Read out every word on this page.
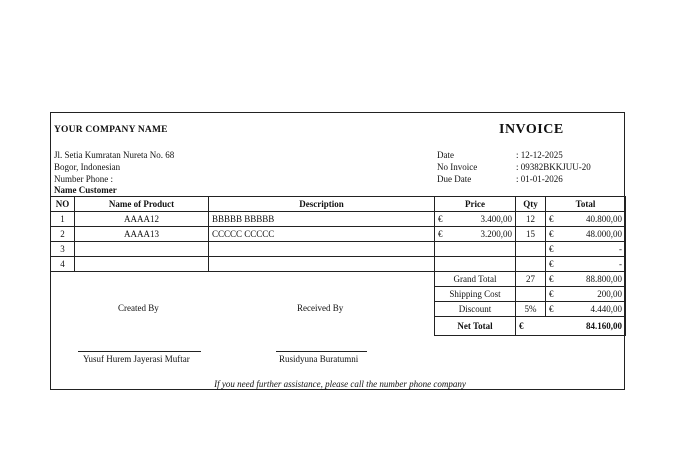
YOUR COMPANY NAME	INVOICE
Jl. Setia Kumratan Nureta No. 68
Bogor, Indonesian
Number Phone :
Name Customer
Date	: 12-12-2025
No Invoice	: 09382BKKJUU-20
Due Date	: 01-01-2026
NO	Name of Product	Description	Price	Qty	Total
1	AAAA12	BBBBB BBBBB	€ 3.400,00	12	€ 40.800,00

2	AAAA13	CCCCC CCCCC	€ 3.200,00	15	€ 48.000,00

3					€ -

4					€ -
Grand Total	27	€ 88.800,00

Shipping Cost		€ 200,00

Discount	5%	€ 4.440,00

Net Total	€ 84.160,00	
Created By	Received By
Yusuf Hurem Jayerasi Muftar	Rusidyuna Buratumni
If you need further assistance, please call the number phone company
